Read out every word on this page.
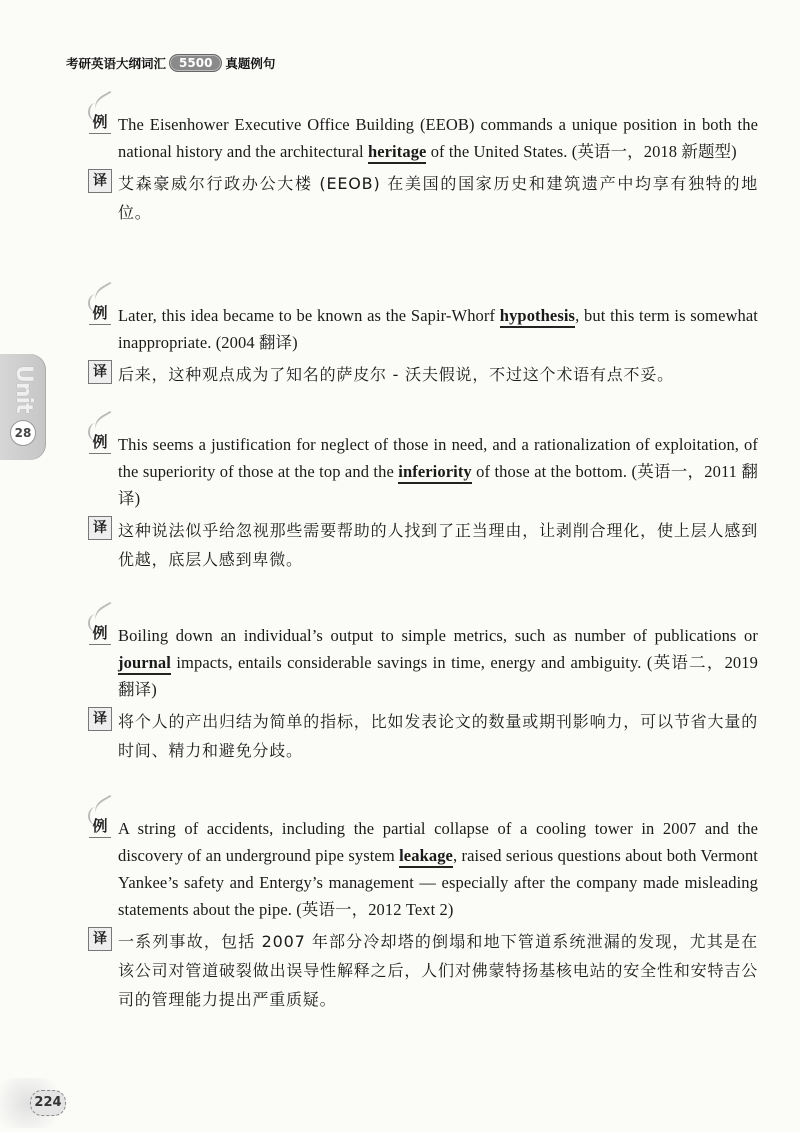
考研英语大纲词汇	5500	真题例句
Unit
28
例 The Eisenhower Executive Office Building (EEOB) commands a unique position in both the national history and the architectural heritage of the United States. (英语一，2018 新题型)
译 艾森豪威尔行政办公大楼 (EEOB) 在美国的国家历史和建筑遗产中均享有独特的地位。
例 Later, this idea became to be known as the Sapir-Whorf hypothesis, but this term is somewhat inappropriate. (2004 翻译)
译 后来，这种观点成为了知名的萨皮尔 - 沃夫假说，不过这个术语有点不妥。
例 This seems a justification for neglect of those in need, and a rationalization of exploitation, of the superiority of those at the top and the inferiority of those at the bottom. (英语一，2011 翻译)
译 这种说法似乎给忽视那些需要帮助的人找到了正当理由，让剥削合理化，使上层人感到优越，底层人感到卑微。
例 Boiling down an individual’s output to simple metrics, such as number of publications or journal impacts, entails considerable savings in time, energy and ambiguity. (英语二，2019 翻译)
译 将个人的产出归结为简单的指标，比如发表论文的数量或期刊影响力，可以节省大量的时间、精力和避免分歧。
例 A string of accidents, including the partial collapse of a cooling tower in 2007 and the discovery of an underground pipe system leakage, raised serious questions about both Vermont Yankee’s safety and Entergy’s management — especially after the company made misleading statements about the pipe. (英语一，2012 Text 2)
译 一系列事故，包括 2007 年部分冷却塔的倒塌和地下管道系统泄漏的发现，尤其是在该公司对管道破裂做出误导性解释之后，人们对佛蒙特扬基核电站的安全性和安特吉公司的管理能力提出严重质疑。
224
